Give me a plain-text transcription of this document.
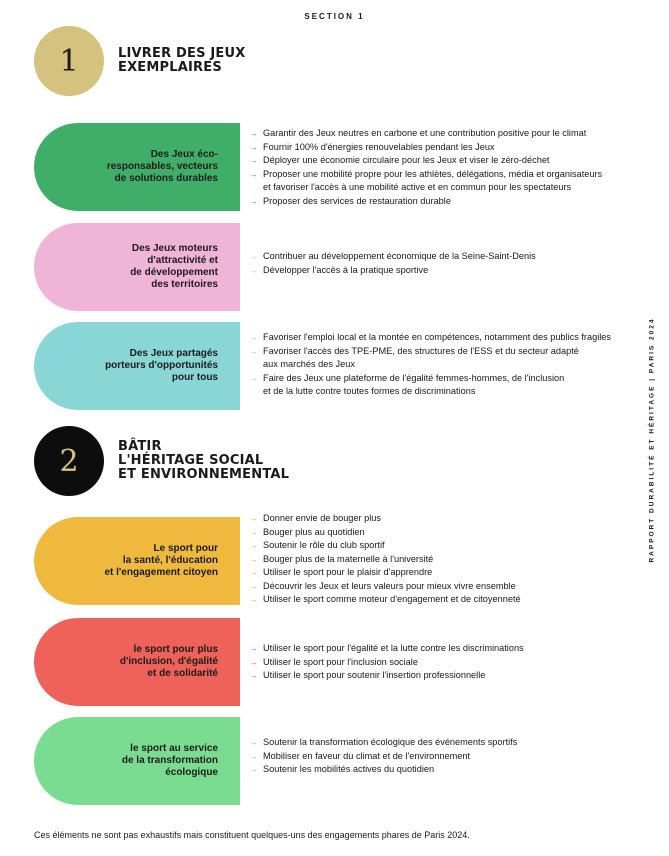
SECTION 1
1	LIVRER DES JEUX
EXEMPLAIRES
2	BÂTIR
L'HÉRITAGE SOCIAL
ET ENVIRONNEMENTAL
Des Jeux éco-
responsables, vecteurs
de solutions durables
→ Garantir des Jeux neutres en carbone et une contribution positive pour le climat
→ Fournir 100% d'énergies renouvelables pendant les Jeux
→ Déployer une économie circulaire pour les Jeux et viser le zéro-déchet
→ Proposer une mobilité propre pour les athlètes, délégations, média et organisateurs
et favoriser l'accès à une mobilité active et en commun pour les spectateurs
→ Proposer des services de restauration durable
Des Jeux moteurs
d'attractivité et
de développement
des territoires
→ Contribuer au développement économique de la Seine-Saint-Denis
→ Développer l'accès à la pratique sportive
Des Jeux partagés
porteurs d'opportunités
pour tous
→ Favoriser l'emploi local et la montée en compétences, notamment des publics fragiles
→ Favoriser l'accès des TPE-PME, des structures de l'ESS et du secteur adapté
aux marchés des Jeux
→ Faire des Jeux une plateforme de l'égalité femmes-hommes, de l'inclusion
et de la lutte contre toutes formes de discriminations
Le sport pour
la santé, l'éducation
et l'engagement citoyen
→ Donner envie de bouger plus
→ Bouger plus au quotidien
→ Soutenir le rôle du club sportif
→ Bouger plus de la maternelle à l'université
→ Utiliser le sport pour le plaisir d'apprendre
→ Découvrir les Jeux et leurs valeurs pour mieux vivre ensemble
→ Utiliser le sport comme moteur d'engagement et de citoyenneté
le sport pour plus
d'inclusion, d'égalité
et de solidarité
→ Utiliser le sport pour l'égalité et la lutte contre les discriminations
→ Utiliser le sport pour l'inclusion sociale
→ Utiliser le sport pour soutenir l'insertion professionnelle
le sport au service
de la transformation
écologique
→ Soutenir la transformation écologique des événements sportifs
→ Mobiliser en faveur du climat et de l'environnement
→ Soutenir les mobilités actives du quotidien
RAPPORT DURABILITÉ ET HÉRITAGE | PARIS 2024
Ces éléments ne sont pas exhaustifs mais constituent quelques-uns des engagements phares de Paris 2024.
